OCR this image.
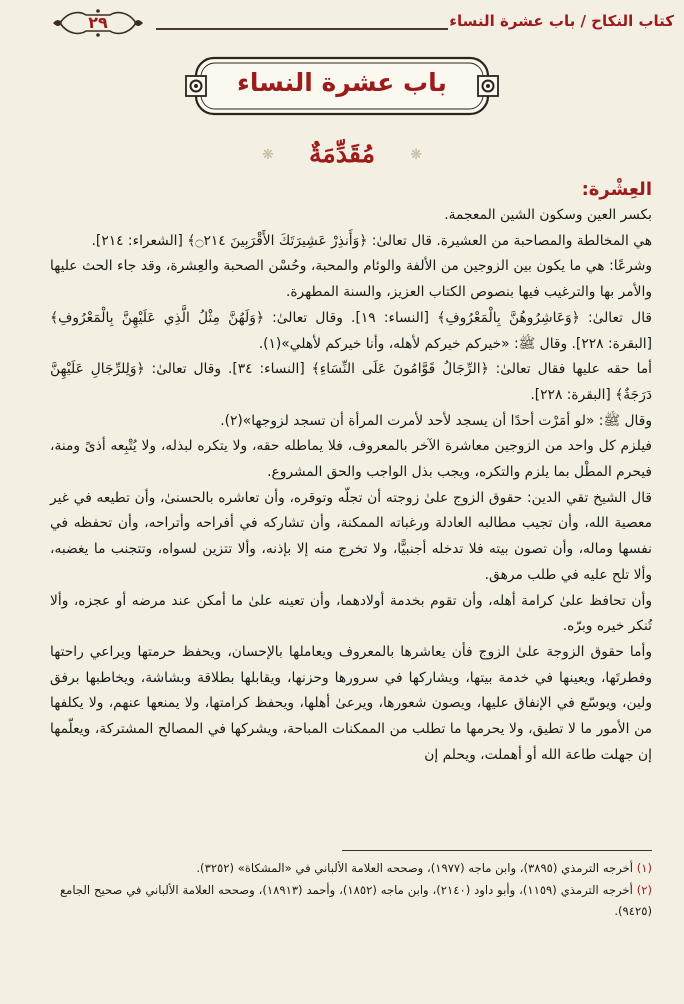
كتاب النكاح / باب عشرة النساء
٢٩
باب عشرة النساء
❋
مُقَدِّمَةٌ
❋

العِشْرة:

بكسر العين وسكون الشين المعجمة.

هي المخالطة والمصاحبة من العشيرة. قال تعالىٰ: ﴿وَأَنذِرْ عَشِيرَتَكَ الأَقْرَبِينَ ۝٢١٤﴾ [الشعراء: ٢١٤].

وشرعًا: هي ما يكون بين الزوجين من الألفة والوئام والمحبة، وحُسْن الصحبة والعِشرة، وقد جاء الحث عليها والأمر بها والترغيب فيها بنصوص الكتاب العزيز، والسنة المطهرة.

قال تعالىٰ: ﴿وَعَاشِرُوهُنَّ بِالْمَعْرُوفِ﴾ [النساء: ١٩]. وقال تعالىٰ: ﴿وَلَهُنَّ مِثْلُ الَّذِي عَلَيْهِنَّ بِالْمَعْرُوفِ﴾ [البقرة: ٢٢٨]. وقال ﷺ: «خيركم خيركم لأهله، وأنا خيركم لأهلي»(١).

أما حقه عليها فقال تعالىٰ: ﴿الرِّجَالُ قَوَّامُونَ عَلَى النِّسَاءِ﴾ [النساء: ٣٤]. وقال تعالىٰ: ﴿وَلِلرِّجَالِ عَلَيْهِنَّ دَرَجَةٌ﴾ [البقرة: ٢٢٨].

وقال ﷺ: «لو أمَرْت أحدًا أن يسجد لأحد لأمرت المرأة أن تسجد لزوجها»(٢).

فيلزم كل واحد من الزوجين معاشرة الآخر بالمعروف، فلا يماطله حقه، ولا يتكره لبذله، ولا يُتْبِعه أذىً ومنة، فيحرم المطْل بما يلزم والتكره، ويجب بذل الواجب والحق المشروع.

قال الشيخ تقي الدين: حقوق الزوج علىٰ زوجته أن تجلّه وتوقره، وأن تعاشره بالحسنىٰ، وأن تطيعه في غير معصية الله، وأن تجيب مطالبه العادلة ورغباته الممكنة، وأن تشاركه في أفراحه وأتراحه، وأن تحفظه في نفسها وماله، وأن تصون بيته فلا تدخله أجنبيًّا، ولا تخرج منه إلا بإذنه، وألا تتزين لسواه، وتتجنب ما يغضبه، وألا تلح عليه في طلب مرهق.

وأن تحافظ علىٰ كرامة أهله، وأن تقوم بخدمة أولادهما، وأن تعينه علىٰ ما أمكن عند مرضه أو عجزه، وألا تُنكر خيره وبرّه.

وأما حقوق الزوجة علىٰ الزوج فأن يعاشرها بالمعروف ويعاملها بالإحسان، ويحفظ حرمتها ويراعي راحتها وفطرتَها، ويعينها في خدمة بيتها، ويشاركها في سرورها وحزنها، ويقابلها بطلاقة وبشاشة، ويخاطبها برفق ولين، ويوسّع في الإنفاق عليها، ويصون شعورها، ويرعىٰ أهلها، ويحفظ كرامتها، ولا يمنعها عنهم، ولا يكلفها من الأمور ما لا تطيق، ولا يحرمها ما تطلب من الممكنات المباحة، ويشركها في المصالح المشتركة، ويعلّمها إن جهلت طاعة الله أو أهملت، ويحلم إن

(١) أخرجه الترمذي (٣٨٩٥)، وابن ماجه (١٩٧٧)، وصححه العلامة الألباني في «المشكاة» (٣٢٥٢).

(٢) أخرجه الترمذي (١١٥٩)، وأبو داود (٢١٤٠)، وابن ماجه (١٨٥٢)، وأحمد (١٨٩١٣)، وصححه العلامة الألباني في صحيح الجامع (٩٤٢٥).
